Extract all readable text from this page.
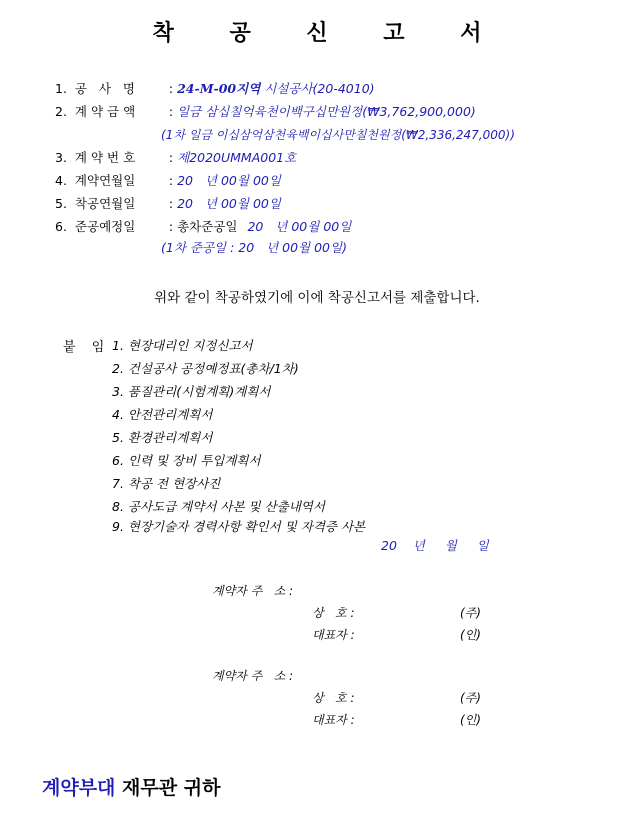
착 공 신 고 서
1. 공   사   명	: 24-M-00지역 시설공사(20-4010)
2. 계 약 금 액	: 일금 삼십칠억육천이백구십만원정(₩3,762,900,000)
(1차 일금 이십삼억삼천육백이십사만칠천원정(₩2,336,247,000))
3. 계 약 번 호	: 제2020UMMA001호
4. 계약연월일	: 20   년 00월 00일
5. 착공연월일	: 20   년 00월 00일
6. 준공예정일	: 총차준공일 20   년 00월 00일
(1차 준공일 : 20   년 00월 00일)
위와 같이 착공하였기에 이에 착공신고서를 제출합니다.
붙 임 1. 현장대리인 지정신고서
2. 건설공사 공정예정표(총차/1차)
3. 품질관리(시험계획)계획서
4. 안전관리계획서
5. 환경관리계획서
6. 인력 및 장비 투입계획서
7. 착공 전 현장사진
8. 공사도급 계약서 사본 및 산출내역서
9. 현장기술자 경력사항 확인서 및 자격증 사본
20    년     월     일
계약자 주   소 :
상   호 :	(주)
대표자 :	(인)
계약자 주   소 :
상   호 :	(주)
대표자 :	(인)
계약부대 재무관 귀하
